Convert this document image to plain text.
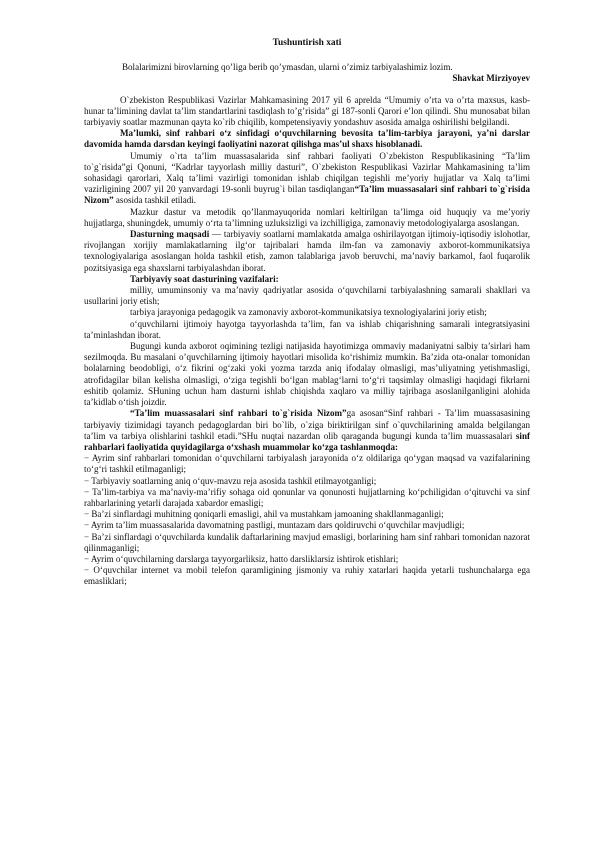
Tushuntirish xati

Bolalarimizni birovlarning qo’liga berib qo’ymasdan, ularni o’zimiz tarbiyalashimiz lozim.

Shavkat Mirziyoyev

O`zbekiston Respublikasi Vazirlar Mahkamasining 2017 yil 6 aprelda “Umumiy o’rta va o’rta maxsus, kasb-hunar ta’limining davlat ta’lim standartlarini tasdiqlash to’g’risida” gi 187-sonli Qarori e’lon qilindi. Shu munosabat bilan tarbiyaviy soatlar mazmunan qayta ko`rib chiqilib, kompetensiyaviy yondashuv asosida amalga oshirilishi belgilandi.

Ma’lumki, sinf rahbari o‘z sinfidagi o‘quvchilarning bevosita ta’lim-tarbiya jarayoni, ya’ni darslar davomida hamda darsdan keyingi faoliyatini nazorat qilishga mas’ul shaxs hisoblanadi.

Umumiy o`rta ta’lim muassasalarida sinf rahbari faoliyati O`zbekiston Respublikasining “Ta’lim to`g`risida”gi Qonuni, “Kadrlar tayyorlash milliy dasturi”, O`zbekiston Respublikasi Vazirlar Mahkamasining ta’lim sohasidagi qarorlari, Xalq ta’limi vazirligi tomonidan ishlab chiqilgan tegishli me’yoriy hujjatlar va Xalq ta’limi vazirligining 2007 yil 20 yanvardagi 19-sonli buyrug`i bilan tasdiqlangan“Ta’lim muassasalari sinf rahbari to`g`risida Nizom” asosida tashkil etiladi.

Mazkur dastur va metodik qo’llanmayuqorida nomlari keltirilgan ta’limga oid huquqiy va me’yoriy hujjatlarga, shuningdek, umumiy o‘rta ta’limning uzluksizligi va izchilligiga, zamonaviy metodologiyalarga asoslangan.

Dasturning maqsadi — tarbiyaviy soatlarni mamlakatda amalga oshirilayotgan ijtimoiy-iqtisodiy islohotlar, rivojlangan xorijiy mamlakatlarning ilg‘or tajribalari hamda ilm-fan va zamonaviy axborot-kommunikatsiya texnologiyalariga asoslangan holda tashkil etish, zamon talablariga javob beruvchi, ma’naviy barkamol, faol fuqarolik pozitsiyasiga ega shaxslarni tarbiyalashdan iborat.

Tarbiyaviy soat dasturining vazifalari:

milliy, umuminsoniy va ma’naviy qadriyatlar asosida o‘quvchilarni tarbiyalashning samarali shakllari va usullarini joriy etish;

tarbiya jarayoniga pedagogik va zamonaviy axborot-kommunikatsiya texnologiyalarini joriy etish;

o‘quvchilarni ijtimoiy hayotga tayyorlashda ta’lim, fan va ishlab chiqarishning samarali integratsiyasini ta’minlashdan iborat.

Bugungi kunda axborot oqimining tezligi natijasida hayotimizga ommaviy madaniyatni salbiy ta’sirlari ham sezilmoqda. Bu masalani o’quvchilarning ijtimoiy hayotlari misolida ko‘rishimiz mumkin. Ba’zida ota-onalar tomonidan bolalarning beodobligi, o‘z fikrini og‘zaki yoki yozma tarzda aniq ifodalay olmasligi, mas’uliyatning yetishmasligi, atrofidagilar bilan kelisha olmasligi, o‘ziga tegishli bo‘lgan mablag‘larni to‘g‘ri taqsimlay olmasligi haqidagi fikrlarni eshitib qolamiz. SHuning uchun ham dasturni ishlab chiqishda xaqlaro va milliy tajribaga asoslanilganligini alohida ta’kidlab o‘tish joizdir.

“Ta’lim muassasalari sinf rahbari to`g`risida Nizom”ga asosan“Sinf rahbari - Ta’lim muassasasining tarbiyaviy tizimidagi tayanch pedagoglardan biri bo`lib, o`ziga biriktirilgan sinf o`quvchilarining amalda belgilangan ta’lim va tarbiya olishlarini tashkil etadi.”SHu nuqtai nazardan olib qaraganda bugungi kunda ta’lim muassasalari sinf rahbarlari faoliyatida quyidagilarga o‘xshash muammolar ko‘zga tashlanmoqda:

− Ayrim sinf rahbarlari tomonidan o‘quvchilarni tarbiyalash jarayonida o‘z oldilariga qo‘ygan maqsad va vazifalarining to‘g‘ri tashkil etilmaganligi;

− Tarbiyaviy soatlarning aniq o‘quv-mavzu reja asosida tashkil etilmayotganligi;

− Ta’lim-tarbiya va ma’naviy-ma’rifiy sohaga oid qonunlar va qonunosti hujjatlarning ko‘pchiligidan o‘qituvchi va sinf rahbarlarining yetarli darajada xabardor emasligi;

− Ba’zi sinflardagi muhitning qoniqarli emasligi, ahil va mustahkam jamoaning shakllanmaganligi;

− Ayrim ta’lim muassasalarida davomatning pastligi, muntazam dars qoldiruvchi o‘quvchilar mavjudligi;

− Ba’zi sinflardagi o‘quvchilarda kundalik daftarlarining mavjud emasligi, borlarining ham sinf rahbari tomonidan nazorat qilinmaganligi;

− Ayrim o‘quvchilarning darslarga tayyorgarliksiz, hatto darsliklarsiz ishtirok etishlari;

− O‘quvchilar internet va mobil telefon qaramligining jismoniy va ruhiy xatarlari haqida yetarli tushunchalarga ega emasliklari;
